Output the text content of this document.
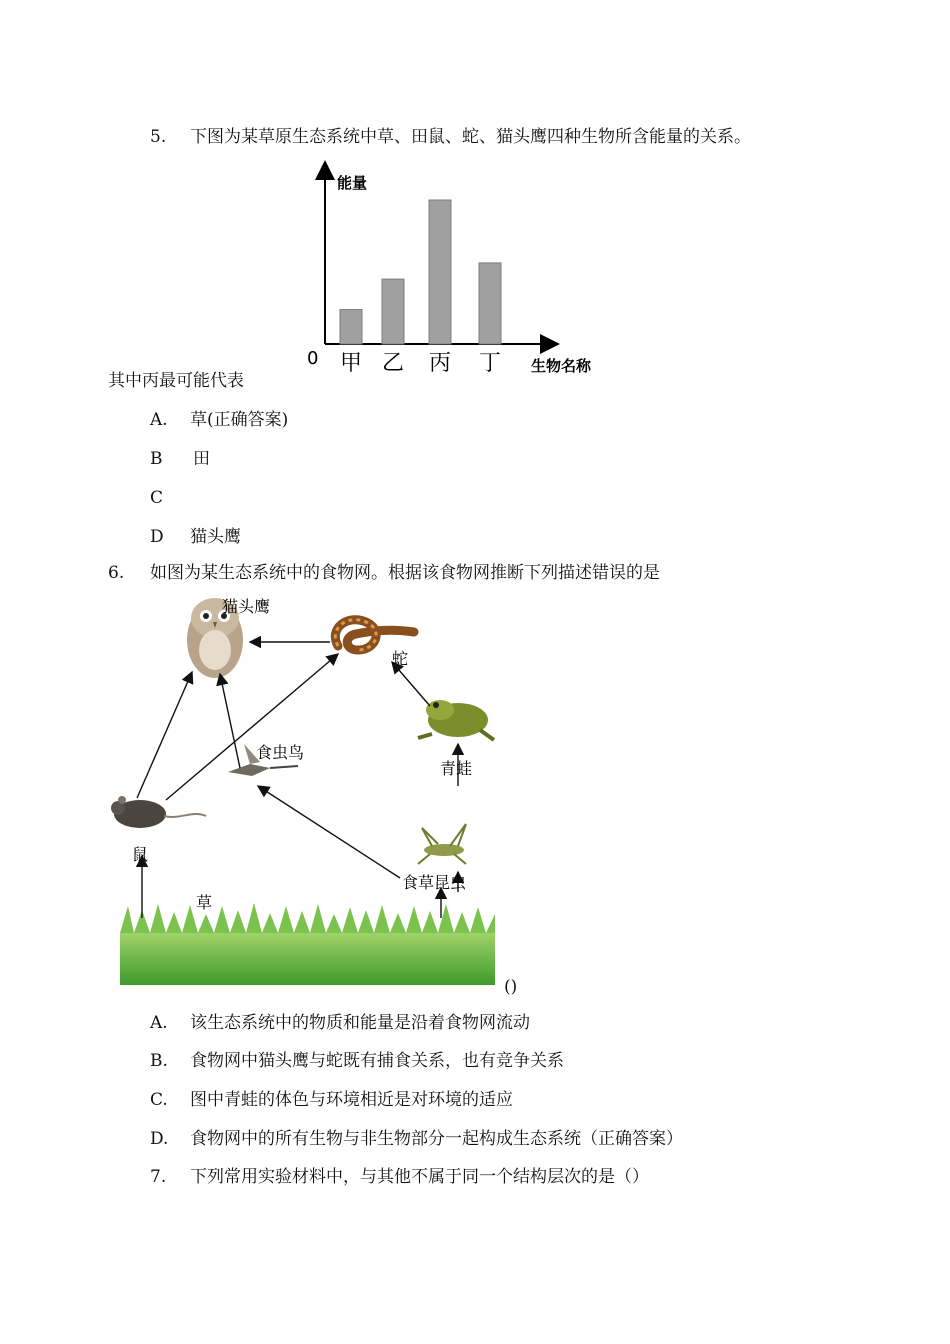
5. 下图为某草原生态系统中草、田鼠、蛇、猫头鹰四种生物所含能量的关系。
能量
0	生物名称
甲 乙 丙 丁
其中丙最可能代表
A. 草(正确答案)
B 田
C
D 猫头鹰
6. 如图为某生态系统中的食物网。根据该食物网推断下列描述错误的是
猫头鹰
蛇
食虫鸟
青蛙
鼠
草
食草昆虫
()
A. 该生态系统中的物质和能量是沿着食物网流动
B. 食物网中猫头鹰与蛇既有捕食关系，也有竞争关系
C. 图中青蛙的体色与环境相近是对环境的适应
D. 食物网中的所有生物与非生物部分一起构成生态系统（正确答案）
7. 下列常用实验材料中，与其他不属于同一个结构层次的是（）
